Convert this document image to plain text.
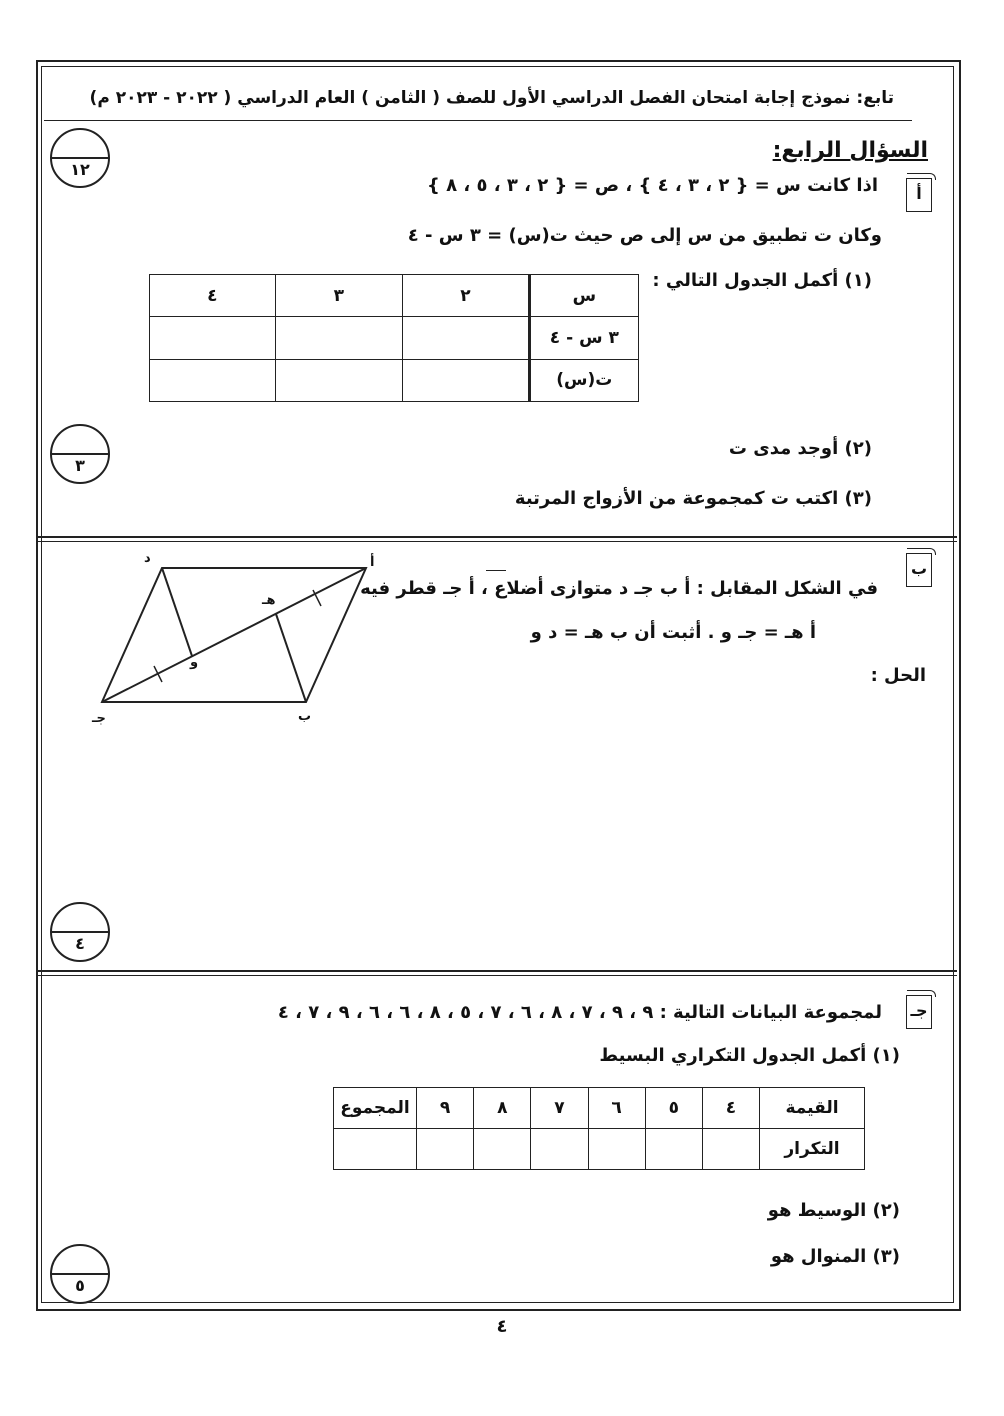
تابع: نموذج إجابة امتحان الفصل الدراسي الأول للصف ( الثامن ) العام الدراسي ( ٢٠٢٢ - ٢٠٢٣ م)
السؤال الرابع:
١٢
أ
اذا كانت س = { ٢ ، ٣ ، ٤ } ، ص = { ٢ ، ٣ ، ٥ ، ٨ }
وكان ت تطبيق من س إلى ص حيث ت(س) = ٣ س - ٤
(١) أكمل الجدول التالي :
س	٢	٣	٤
٣ س - ٤			
ت(س)			
٣
(٢) أوجد مدى ت
(٣) اكتب ت كمجموعة من الأزواج المرتبة
ب
في الشكل المقابل : أ ب جـ د متوازى أضلاع ، أ جـ قطر فيه
أ هـ = جـ و . أثبت أن ب هـ = د و
الحل :
أ
ب
جـ
د
هـ
و
٤
جـ
لمجموعة البيانات التالية : ٩ ، ٩ ، ٧ ، ٨ ، ٦ ، ٧ ، ٥ ، ٨ ، ٦ ، ٦ ، ٩ ، ٧ ، ٤
(١) أكمل الجدول التكراري البسيط
القيمة	٤	٥	٦	٧	٨	٩	المجموع
التكرار							
(٢) الوسيط هو
(٣) المنوال هو
٥
٤
